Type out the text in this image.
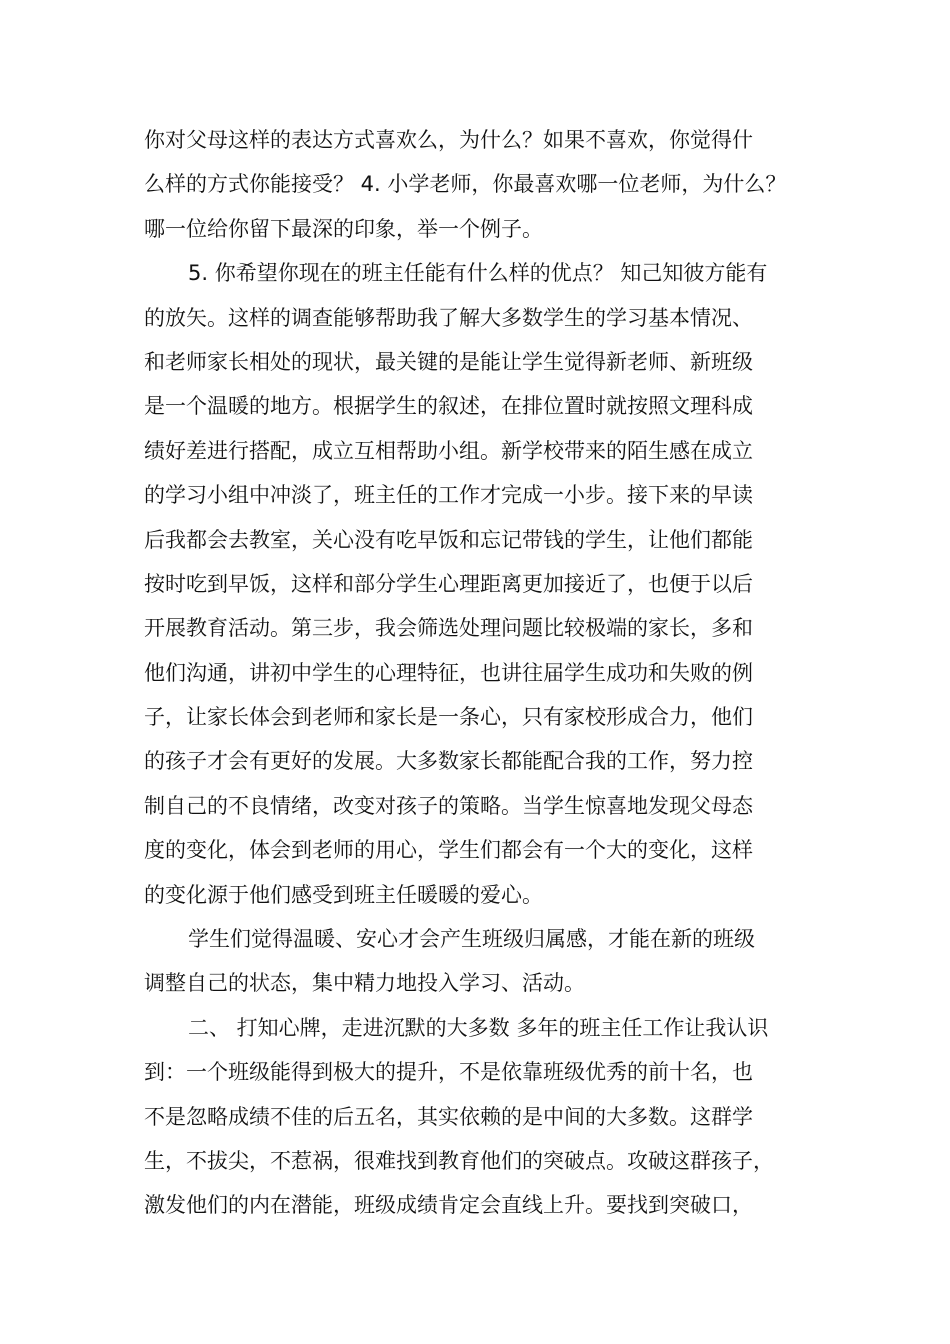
你对父母这样的表达方式喜欢么，为什么？如果不喜欢，你觉得什
么样的方式你能接受？ 4. 小学老师，你最喜欢哪一位老师，为什么？
哪一位给你留下最深的印象，举一个例子。
5. 你希望你现在的班主任能有什么样的优点？ 知己知彼方能有
的放矢。这样的调查能够帮助我了解大多数学生的学习基本情况、
和老师家长相处的现状，最关键的是能让学生觉得新老师、新班级
是一个温暖的地方。根据学生的叙述，在排位置时就按照文理科成
绩好差进行搭配，成立互相帮助小组。新学校带来的陌生感在成立
的学习小组中冲淡了，班主任的工作才完成一小步。接下来的早读
后我都会去教室，关心没有吃早饭和忘记带钱的学生，让他们都能
按时吃到早饭，这样和部分学生心理距离更加接近了，也便于以后
开展教育活动。第三步，我会筛选处理问题比较极端的家长，多和
他们沟通，讲初中学生的心理特征，也讲往届学生成功和失败的例
子，让家长体会到老师和家长是一条心，只有家校形成合力，他们
的孩子才会有更好的发展。大多数家长都能配合我的工作，努力控
制自己的不良情绪，改变对孩子的策略。当学生惊喜地发现父母态
度的变化，体会到老师的用心，学生们都会有一个大的变化，这样
的变化源于他们感受到班主任暖暖的爱心。
学生们觉得温暖、安心才会产生班级归属感，才能在新的班级
调整自己的状态，集中精力地投入学习、活动。
二、 打知心牌，走进沉默的大多数 多年的班主任工作让我认识
到：一个班级能得到极大的提升，不是依靠班级优秀的前十名，也
不是忽略成绩不佳的后五名，其实依赖的是中间的大多数。这群学
生，不拔尖，不惹祸，很难找到教育他们的突破点。攻破这群孩子，
激发他们的内在潜能，班级成绩肯定会直线上升。要找到突破口，
